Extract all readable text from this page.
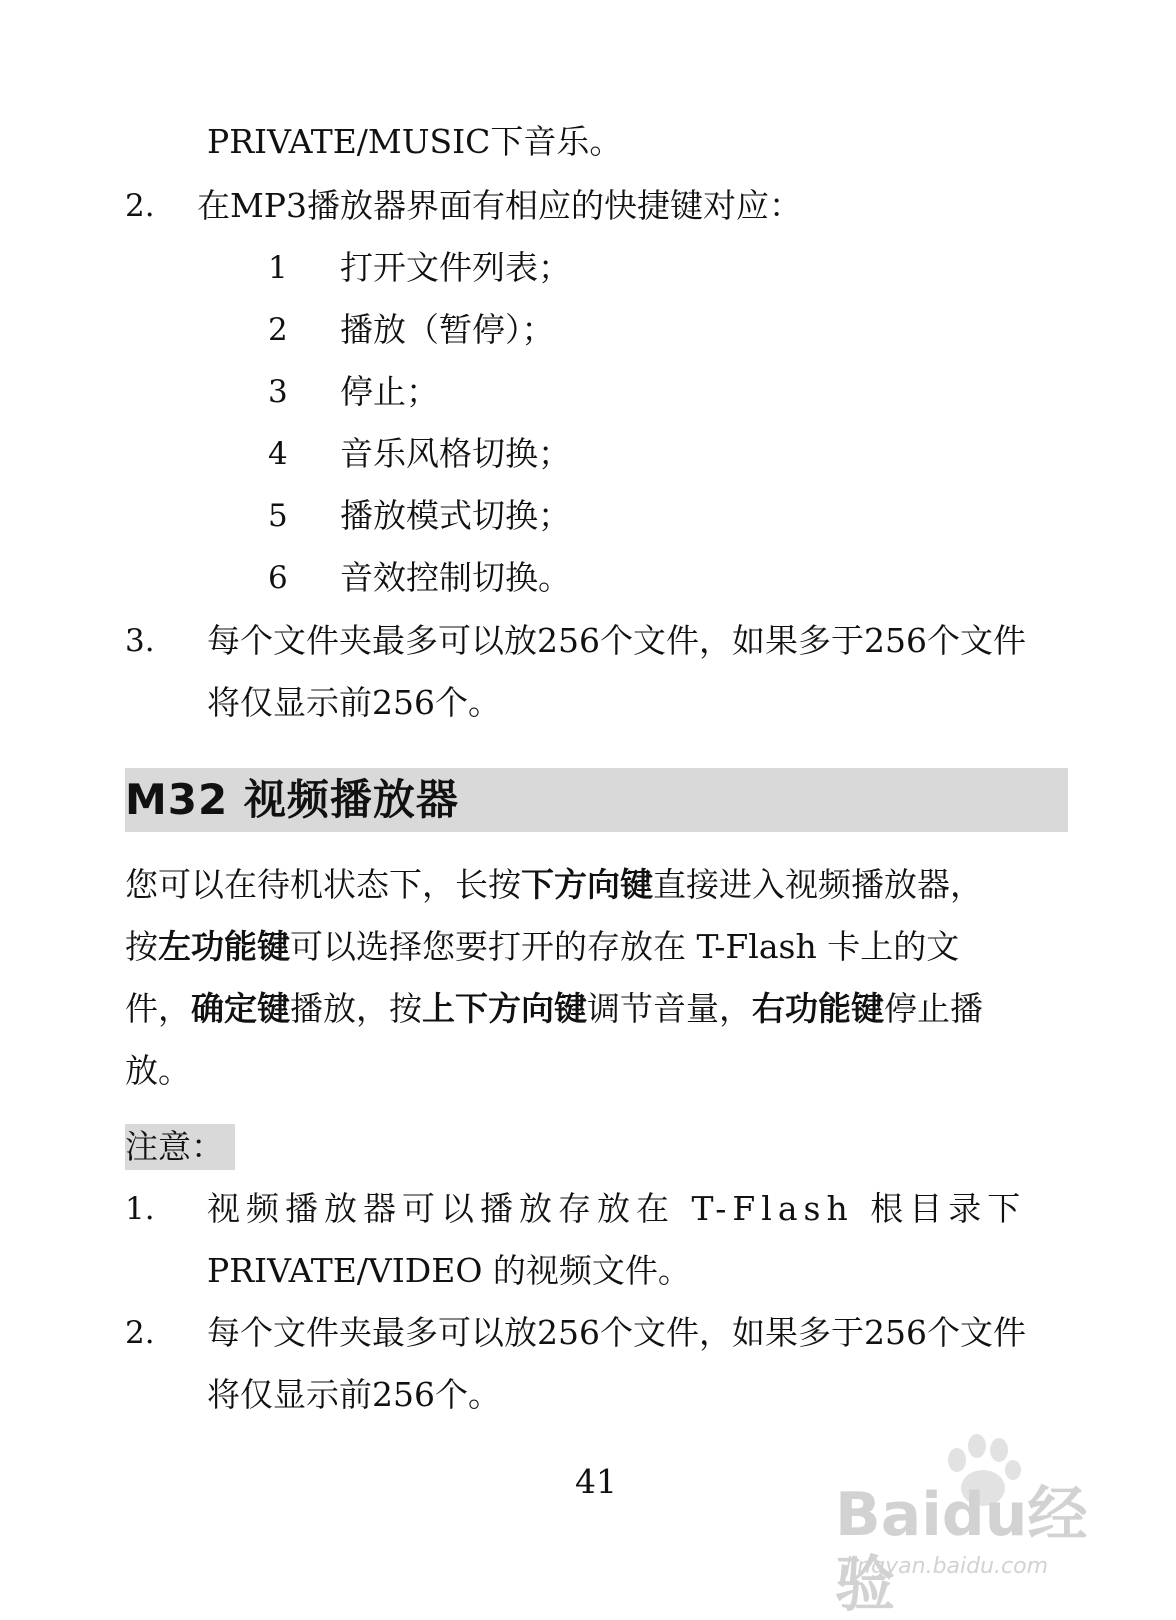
PRIVATE/MUSIC下音乐。
2. 在MP3播放器界面有相应的快捷键对应：
1 打开文件列表；
2 播放（暂停）；
3 停止；
4 音乐风格切换；
5 播放模式切换；
6 音效控制切换。
3. 每个文件夹最多可以放256个文件，如果多于256个文件
将仅显示前256个。
M32 视频播放器
您可以在待机状态下，长按下方向键直接进入视频播放器，
按左功能键可以选择您要打开的存放在 T-Flash 卡上的文
件，确定键播放，按上下方向键调节音量，右功能键停止播
放。
注意：
1. 视频播放器可以播放存放在 T-Flash 根目录下
PRIVATE/VIDEO 的视频文件。
2. 每个文件夹最多可以放256个文件，如果多于256个文件
将仅显示前256个。
41	Baidu经验
jingyan.baidu.com
